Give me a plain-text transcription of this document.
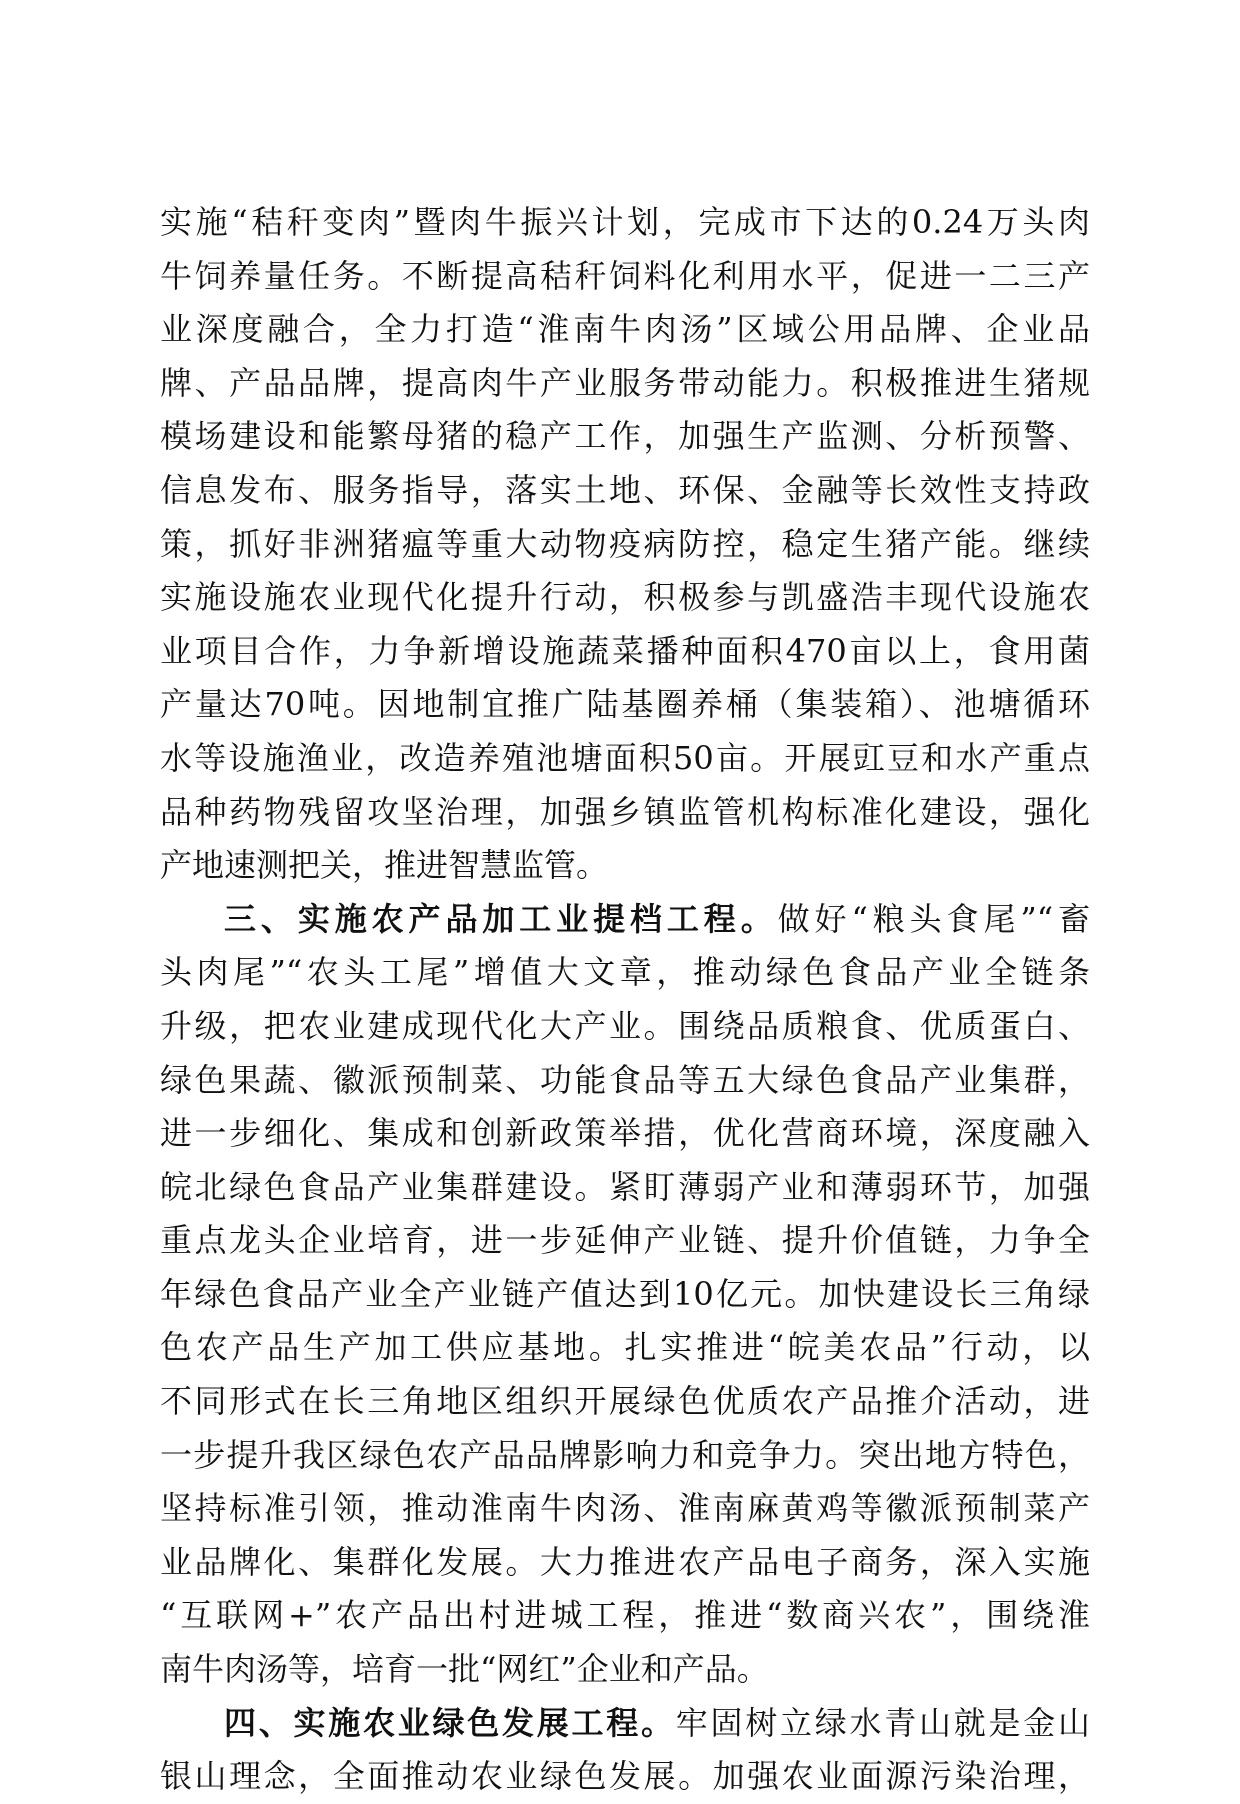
实施“秸秆变肉”暨肉牛振兴计划，完成市下达的0.24万头肉
牛饲养量任务。不断提高秸秆饲料化利用水平，促进一二三产
业深度融合，全力打造“淮南牛肉汤”区域公用品牌、企业品
牌、产品品牌，提高肉牛产业服务带动能力。积极推进生猪规
模场建设和能繁母猪的稳产工作，加强生产监测、分析预警、
信息发布、服务指导，落实土地、环保、金融等长效性支持政
策，抓好非洲猪瘟等重大动物疫病防控，稳定生猪产能。继续
实施设施农业现代化提升行动，积极参与凯盛浩丰现代设施农
业项目合作，力争新增设施蔬菜播种面积470亩以上，食用菌
产量达70吨。因地制宜推广陆基圈养桶（集装箱）、池塘循环
水等设施渔业，改造养殖池塘面积50亩。开展豇豆和水产重点
品种药物残留攻坚治理，加强乡镇监管机构标准化建设，强化
产地速测把关，推进智慧监管。
三、实施农产品加工业提档工程。做好“粮头食尾”“畜
头肉尾”“农头工尾”增值大文章，推动绿色食品产业全链条
升级，把农业建成现代化大产业。围绕品质粮食、优质蛋白、
绿色果蔬、徽派预制菜、功能食品等五大绿色食品产业集群，
进一步细化、集成和创新政策举措，优化营商环境，深度融入
皖北绿色食品产业集群建设。紧盯薄弱产业和薄弱环节，加强
重点龙头企业培育，进一步延伸产业链、提升价值链，力争全
年绿色食品产业全产业链产值达到10亿元。加快建设长三角绿
色农产品生产加工供应基地。扎实推进“皖美农品”行动，以
不同形式在长三角地区组织开展绿色优质农产品推介活动，进
一步提升我区绿色农产品品牌影响力和竞争力。突出地方特色，
坚持标准引领，推动淮南牛肉汤、淮南麻黄鸡等徽派预制菜产
业品牌化、集群化发展。大力推进农产品电子商务，深入实施
“互联网+”农产品出村进城工程，推进“数商兴农”，围绕淮
南牛肉汤等，培育一批“网红”企业和产品。
四、实施农业绿色发展工程。牢固树立绿水青山就是金山
银山理念，全面推动农业绿色发展。加强农业面源污染治理，
